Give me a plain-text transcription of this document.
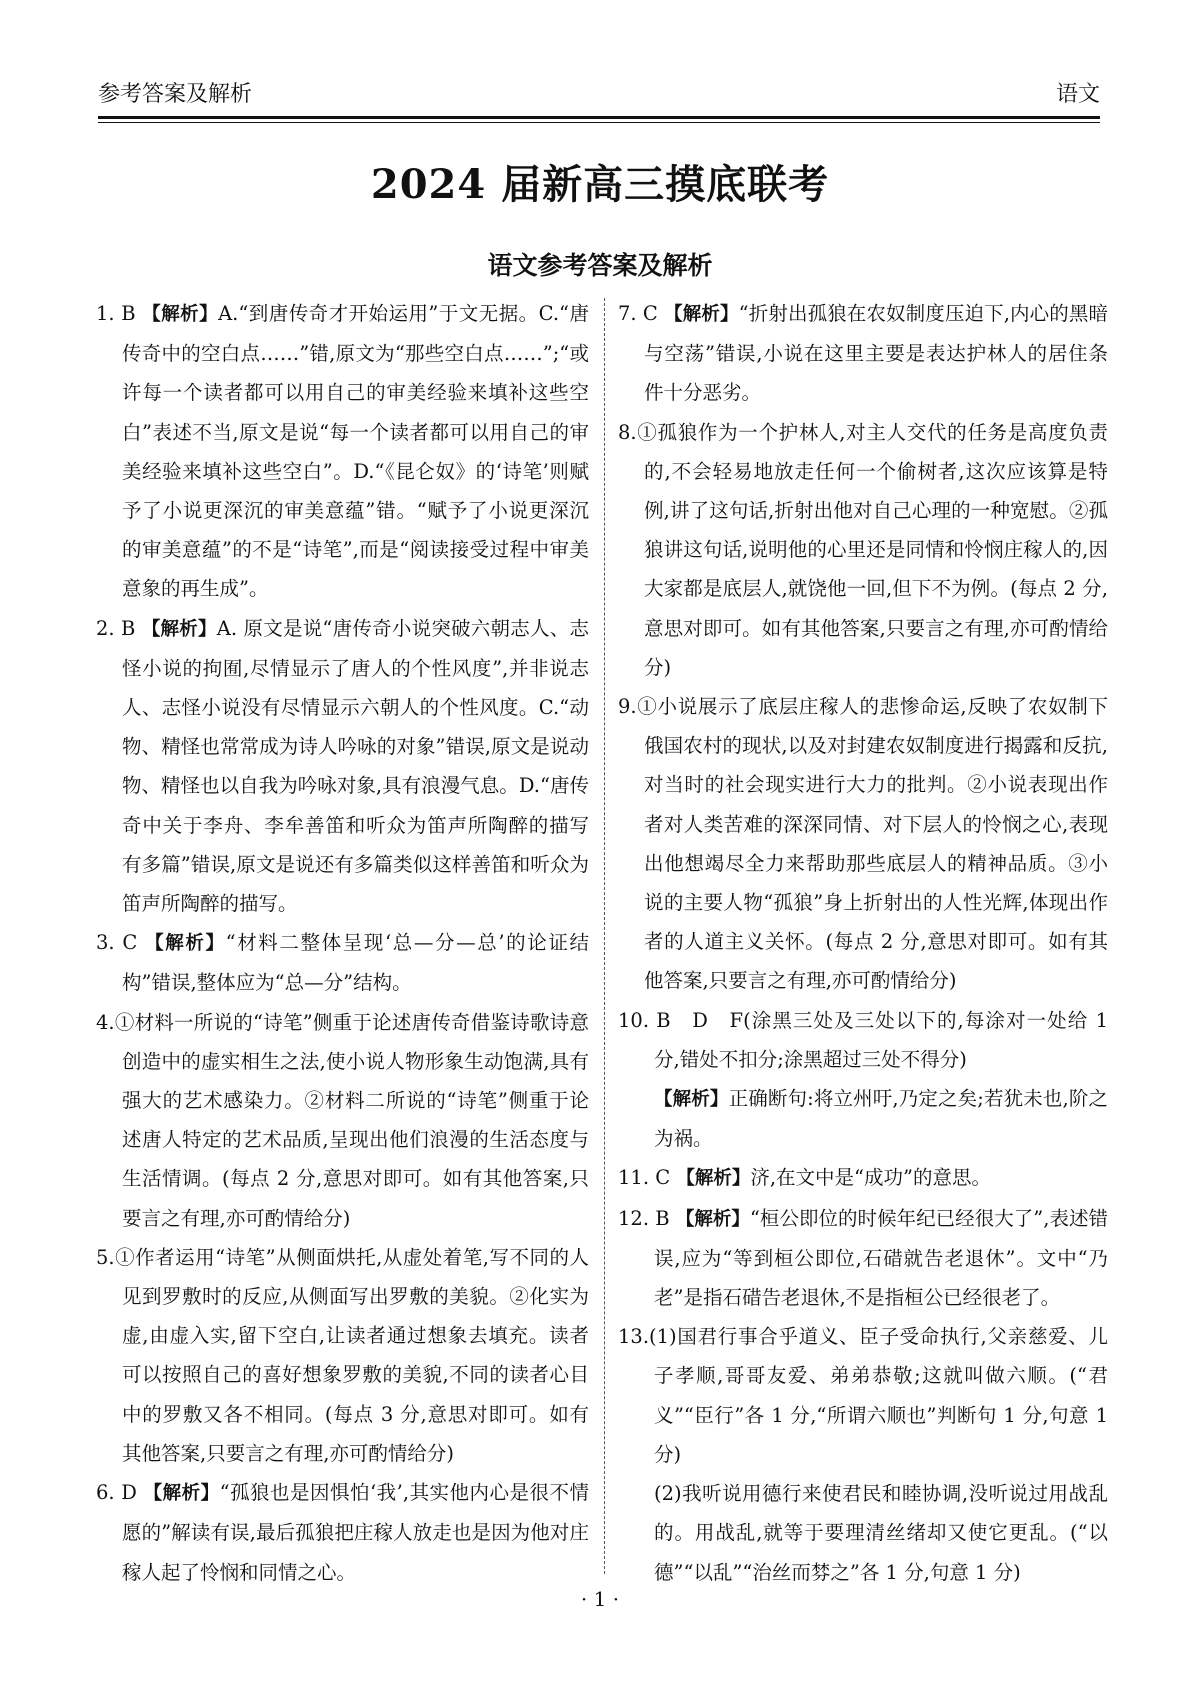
参考答案及解析	语文
2024 届新高三摸底联考
语文参考答案及解析

1. B 【解析】A.“到唐传奇才开始运用”于文无据。C.“唐传奇中的空白点……”错,原文为“那些空白点……”;“或许每一个读者都可以用自己的审美经验来填补这些空白”表述不当,原文是说“每一个读者都可以用自己的审美经验来填补这些空白”。D.“《昆仑奴》的‘诗笔’则赋予了小说更深沉的审美意蕴”错。“赋予了小说更深沉的审美意蕴”的不是“诗笔”,而是“阅读接受过程中审美意象的再生成”。

2. B 【解析】A. 原文是说“唐传奇小说突破六朝志人、志怪小说的拘囿,尽情显示了唐人的个性风度”,并非说志人、志怪小说没有尽情显示六朝人的个性风度。C.“动物、精怪也常常成为诗人吟咏的对象”错误,原文是说动物、精怪也以自我为吟咏对象,具有浪漫气息。D.“唐传奇中关于李舟、李牟善笛和听众为笛声所陶醉的描写有多篇”错误,原文是说还有多篇类似这样善笛和听众为笛声所陶醉的描写。

3. C 【解析】“材料二整体呈现‘总—分—总’的论证结构”错误,整体应为“总—分”结构。

4.①材料一所说的“诗笔”侧重于论述唐传奇借鉴诗歌诗意创造中的虚实相生之法,使小说人物形象生动饱满,具有强大的艺术感染力。②材料二所说的“诗笔”侧重于论述唐人特定的艺术品质,呈现出他们浪漫的生活态度与生活情调。(每点 2 分,意思对即可。如有其他答案,只要言之有理,亦可酌情给分)

5.①作者运用“诗笔”从侧面烘托,从虚处着笔,写不同的人见到罗敷时的反应,从侧面写出罗敷的美貌。②化实为虚,由虚入实,留下空白,让读者通过想象去填充。读者可以按照自己的喜好想象罗敷的美貌,不同的读者心目中的罗敷又各不相同。(每点 3 分,意思对即可。如有其他答案,只要言之有理,亦可酌情给分)

6. D 【解析】“孤狼也是因惧怕‘我’,其实他内心是很不情愿的”解读有误,最后孤狼把庄稼人放走也是因为他对庄稼人起了怜悯和同情之心。

7. C 【解析】“折射出孤狼在农奴制度压迫下,内心的黑暗与空荡”错误,小说在这里主要是表达护林人的居住条件十分恶劣。

8.①孤狼作为一个护林人,对主人交代的任务是高度负责的,不会轻易地放走任何一个偷树者,这次应该算是特例,讲了这句话,折射出他对自己心理的一种宽慰。②孤狼讲这句话,说明他的心里还是同情和怜悯庄稼人的,因大家都是底层人,就饶他一回,但下不为例。(每点 2 分,意思对即可。如有其他答案,只要言之有理,亦可酌情给分)

9.①小说展示了底层庄稼人的悲惨命运,反映了农奴制下俄国农村的现状,以及对封建农奴制度进行揭露和反抗,对当时的社会现实进行大力的批判。②小说表现出作者对人类苦难的深深同情、对下层人的怜悯之心,表现出他想竭尽全力来帮助那些底层人的精神品质。③小说的主要人物“孤狼”身上折射出的人性光辉,体现出作者的人道主义关怀。(每点 2 分,意思对即可。如有其他答案,只要言之有理,亦可酌情给分)

10. B　D　F(涂黑三处及三处以下的,每涂对一处给 1 分,错处不扣分;涂黑超过三处不得分)

【解析】正确断句:将立州吁,乃定之矣;若犹未也,阶之为祸。

11. C 【解析】济,在文中是“成功”的意思。

12. B 【解析】“桓公即位的时候年纪已经很大了”,表述错误,应为“等到桓公即位,石碏就告老退休”。文中“乃老”是指石碏告老退休,不是指桓公已经很老了。

13.(1)国君行事合乎道义、臣子受命执行,父亲慈爱、儿子孝顺,哥哥友爱、弟弟恭敬;这就叫做六顺。(“君义”“臣行”各 1 分,“所谓六顺也”判断句 1 分,句意 1 分)

(2)我听说用德行来使君民和睦协调,没听说过用战乱的。用战乱,就等于要理清丝绪却又使它更乱。(“以德”“以乱”“治丝而棼之”各 1 分,句意 1 分)

· 1 ·
